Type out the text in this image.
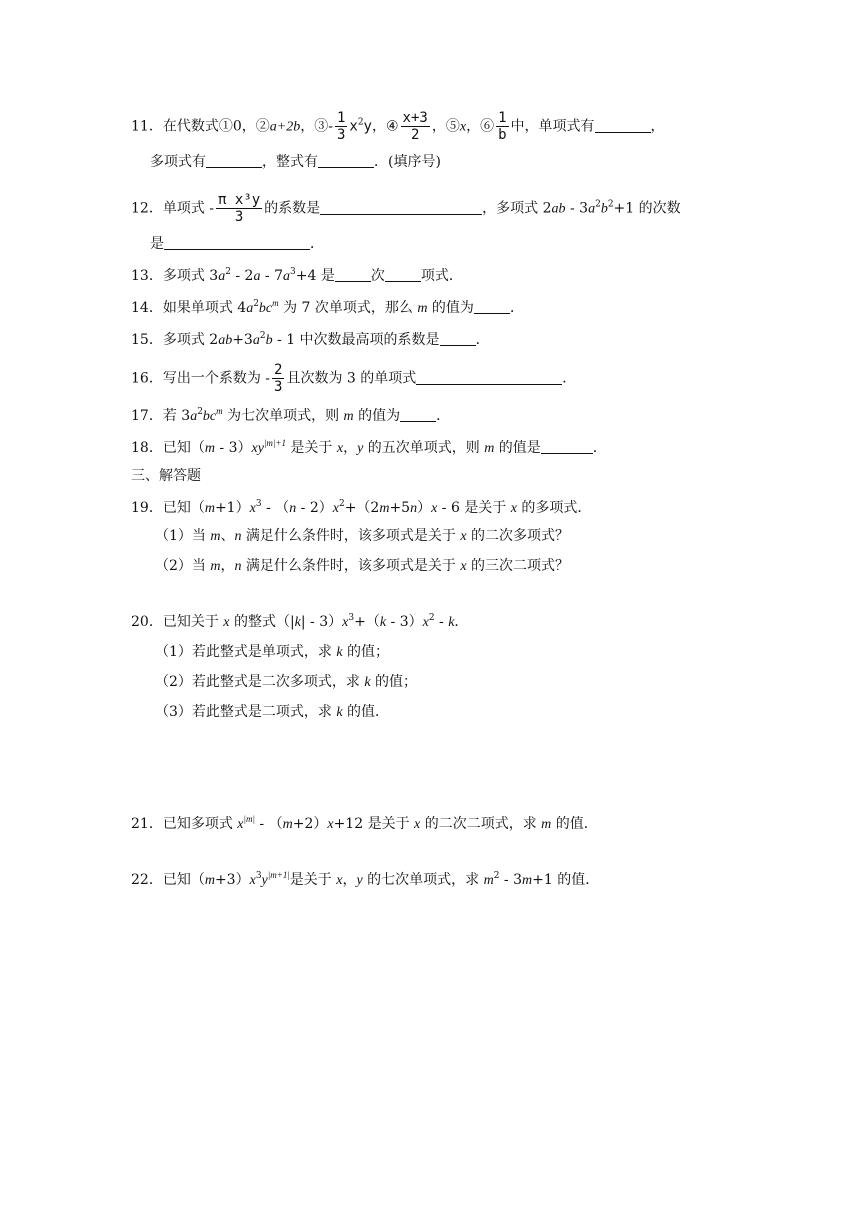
11．在代数式①0，②a+2b，③- $\frac{1}{3} x^2y$，④ $\frac{x+3}{2}$ ，⑤x，⑥ $\frac{1}{b}$ 中，单项式有	，
多项式有	，整式有	．(填序号)
12．单项式 - $\frac{\text{π x³y}}{3}$ 的系数是	，多项式 $2ab - 3a^2b^2+1$ 的次数
是	．
13．多项式 $3a^2 - 2a - 7a^3+4$ 是	次	项式．
14．如果单项式 $4a^2bc^m$ 为 7 次单项式，那么 m 的值为	．
15．多项式 $2ab+3a^2b - 1$ 中次数最高项的系数是	．
16．写出一个系数为 - $\frac{2}{3}$ 且次数为 3 的单项式	．
17．若 $3a^2bc^m$ 为七次单项式，则 m 的值为	．
18．已知$(m - 3)xy^{|m|+1}$ 是关于 x，y 的五次单项式，则 m 的值是	．
三、解答题
19．已知$(m+1)x^3 - (n - 2)x^2+(2m+5n)x - 6$ 是关于 x 的多项式．
（1）当 m、n 满足什么条件时，该多项式是关于 x 的二次多项式？
（2）当 m，n 满足什么条件时，该多项式是关于 x 的三次二项式？
20．已知关于 x 的整式$(|k| - 3)x^3+(k - 3)x^2 - k$．
（1）若此整式是单项式，求 k 的值；
（2）若此整式是二次多项式，求 k 的值；
（3）若此整式是二项式，求 k 的值．
21．已知多项式 $x^{|m|} - (m+2)x+12$ 是关于 x 的二次二项式，求 m 的值．
22．已知$(m+3)x^3y^{|m+1|}$是关于 x，y 的七次单项式，求 $m^2 - 3m+1$ 的值．
